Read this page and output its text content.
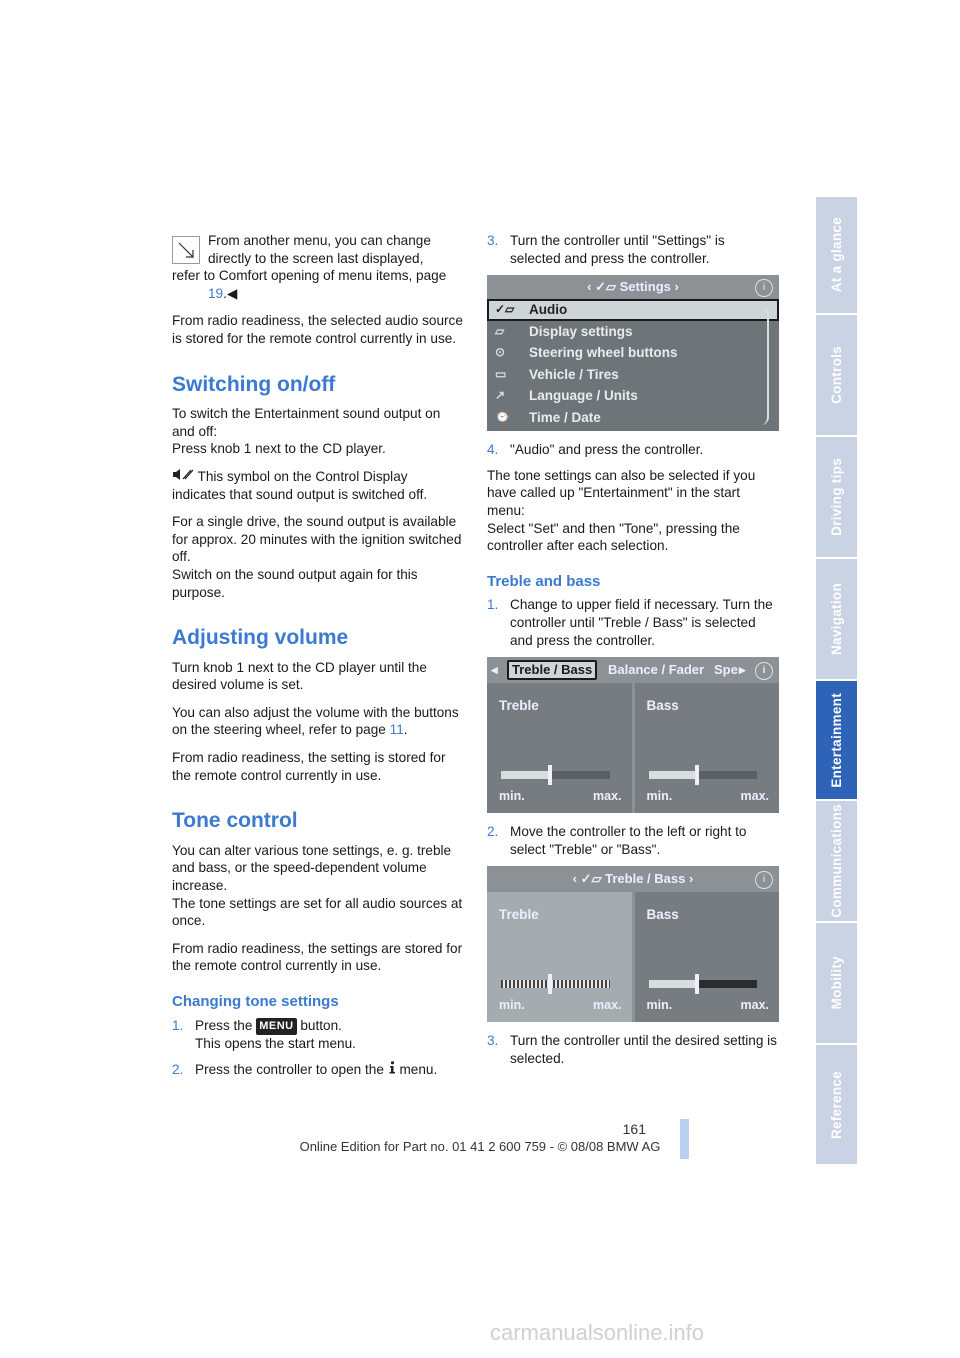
From another menu, you can change
directly to the screen last displayed,
refer to Comfort opening of menu items, page 19.◀

From radio readiness, the selected audio source is stored for the remote control currently in use.

Switching on/off

To switch the Entertainment sound output on and off:
Press knob 1 next to the CD player.

This symbol on the Control Display indicates that sound output is switched off.

For a single drive, the sound output is available for approx. 20 minutes with the ignition switched off.
Switch on the sound output again for this purpose.

Adjusting volume

Turn knob 1 next to the CD player until the desired volume is set.

You can also adjust the volume with the buttons on the steering wheel, refer to page 11.

From radio readiness, the setting is stored for the remote control currently in use.

Tone control

You can alter various tone settings, e. g. treble and bass, or the speed-dependent volume increase.
The tone settings are set for all audio sources at once.

From radio readiness, the settings are stored for the remote control currently in use.

Changing tone settings
1. Press the MENU button.
This opens the start menu.
2. Press the controller to open the menu.
3. Turn the controller until "Settings" is selected and press the controller.
‹ ✓▱ Settings ›	i
✓▱	Audio
▱	Display settings
⊙	Steering wheel buttons
▭	Vehicle / Tires
↗	Language / Units
⌚	Time / Date
4. "Audio" and press the controller.

The tone settings can also be selected if you have called up "Entertainment" in the start menu:
Select "Set" and then "Tone", pressing the controller after each selection.

Treble and bass
1. Change to upper field if necessary. Turn the controller until "Treble / Bass" is selected and press the controller.
◂	Treble / Bass	Balance / Fader Spe ▸	i
Treble
min.	max.
Bass
min.	max.
2. Move the controller to the left or right to select "Treble" or "Bass".
‹ ✓▱ Treble / Bass ›	i
Treble
min.	max.
Bass
min.	max.
3. Turn the controller until the desired setting is selected.
At a glance
Controls
Driving tips
Navigation
Entertainment
Communications
Mobility
Reference
161
Online Edition for Part no. 01 41 2 600 759 - © 08/08 BMW AG
carmanualsonline.info
